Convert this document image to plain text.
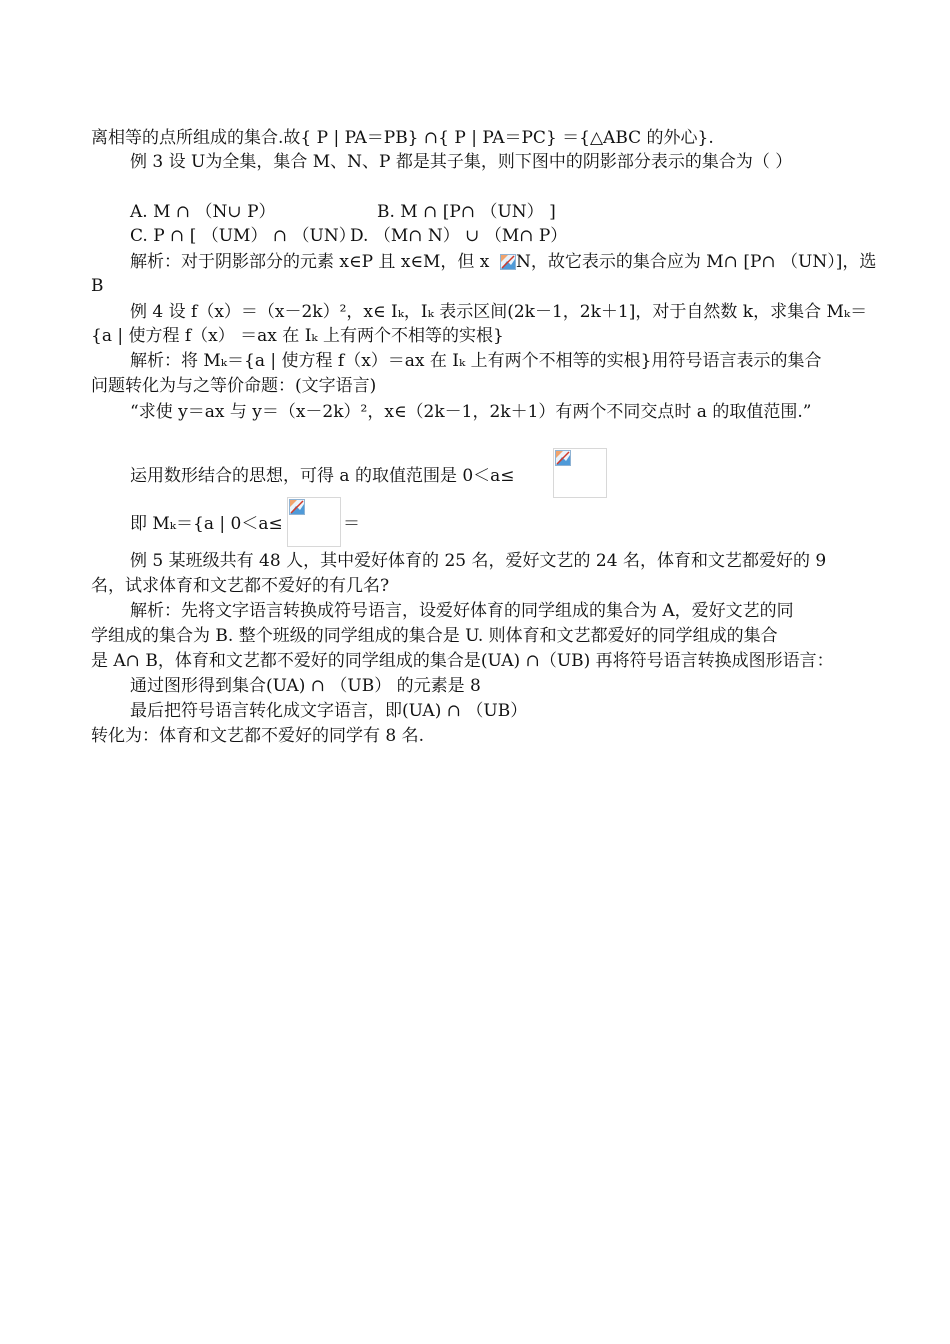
离相等的点所组成的集合.故{ P | PA＝PB} ∩{ P | PA＝PC} ＝{△ABC 的外心}.
例 3 设 U为全集，集合 M、N、P 都是其子集，则下图中的阴影部分表示的集合为（ ）
A. M ∩ （N∪ P）	B. M ∩ [P∩ （UN） ]
C. P ∩ [ （UM） ∩ （UN）
D. （M∩ N） ∪ （M∩ P）
解析：对于阴影部分的元素 x∈P 且 x∈M，但 x N，故它表示的集合应为 M∩ [P∩ （UN）]，选
B
例 4 设 f（x）＝（x－2k）²，x∈ Iₖ，Iₖ 表示区间(2k－1，2k＋1]，对于自然数 k，求集合 Mₖ＝
{a | 使方程 f（x） ＝ax 在 Iₖ 上有两个不相等的实根}
解析：将 Mₖ＝{a | 使方程 f（x）＝ax 在 Iₖ 上有两个不相等的实根}用符号语言表示的集合
问题转化为与之等价命题：(文字语言)
“求使 y＝ax 与 y＝（x－2k）²，x∈（2k－1，2k＋1）有两个不同交点时 a 的取值范围.”
运用数形结合的思想，可得 a 的取值范围是 0＜a≤
即 Mₖ＝{a | 0＜a≤	＝
例 5 某班级共有 48 人，其中爱好体育的 25 名，爱好文艺的 24 名，体育和文艺都爱好的 9
名，试求体育和文艺都不爱好的有几名?
解析：先将文字语言转换成符号语言，设爱好体育的同学组成的集合为 A，爱好文艺的同
学组成的集合为 B. 整个班级的同学组成的集合是 U. 则体育和文艺都爱好的同学组成的集合
是 A∩ B，体育和文艺都不爱好的同学组成的集合是(UA) ∩（UB) 再将符号语言转换成图形语言：
通过图形得到集合(UA) ∩ （UB） 的元素是 8
最后把符号语言转化成文字语言，即(UA) ∩ （UB）
转化为：体育和文艺都不爱好的同学有 8 名.
